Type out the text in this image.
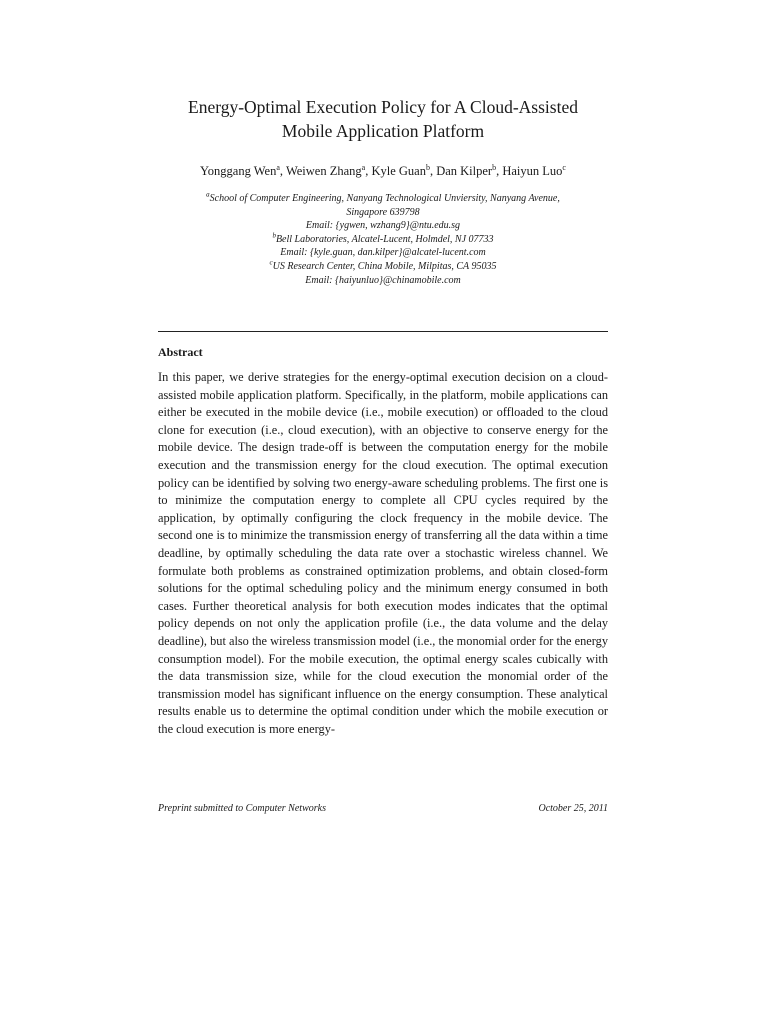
Energy-Optimal Execution Policy for A Cloud-Assisted
Mobile Application Platform
Yonggang Wen$^a$, Weiwen Zhang$^a$, Kyle Guan$^b$, Dan Kilper$^b$, Haiyun Luo$^c$
$^a$School of Computer Engineering, Nanyang Technological Unviersity, Nanyang Avenue,
Singapore 639798
Email: {ygwen, wzhang9}@ntu.edu.sg
$^b$Bell Laboratories, Alcatel-Lucent, Holmdel, NJ 07733
Email: {kyle.guan, dan.kilper}@alcatel-lucent.com
$^c$US Research Center, China Mobile, Milpitas, CA 95035
Email: {haiyunluo}@chinamobile.com
Abstract
In this paper, we derive strategies for the energy-optimal execution decision on a cloud-assisted mobile application platform. Specifically, in the platform, mobile applications can either be executed in the mobile device (i.e., mobile execution) or offloaded to the cloud clone for execution (i.e., cloud execution), with an objective to conserve energy for the mobile device. The design trade-off is between the computation energy for the mobile execution and the transmission energy for the cloud execution. The optimal execution policy can be identified by solving two energy-aware scheduling problems. The first one is to minimize the computation energy to complete all CPU cycles required by the application, by optimally configuring the clock frequency in the mobile device. The second one is to minimize the transmission energy of transferring all the data within a time deadline, by optimally scheduling the data rate over a stochastic wireless channel. We formulate both problems as constrained optimization problems, and obtain closed-form solutions for the optimal scheduling policy and the minimum energy consumed in both cases. Further theoretical analysis for both execution modes indicates that the optimal policy depends on not only the application profile (i.e., the data volume and the delay deadline), but also the wireless transmission model (i.e., the monomial order for the energy consumption model). For the mobile execution, the optimal energy scales cubically with the data transmission size, while for the cloud execution the monomial order of the transmission model has significant influence on the energy consumption. These analytical results enable us to determine the optimal condition under which the mobile execution or the cloud execution is more energy-
Preprint submitted to Computer Networks	October 25, 2011
